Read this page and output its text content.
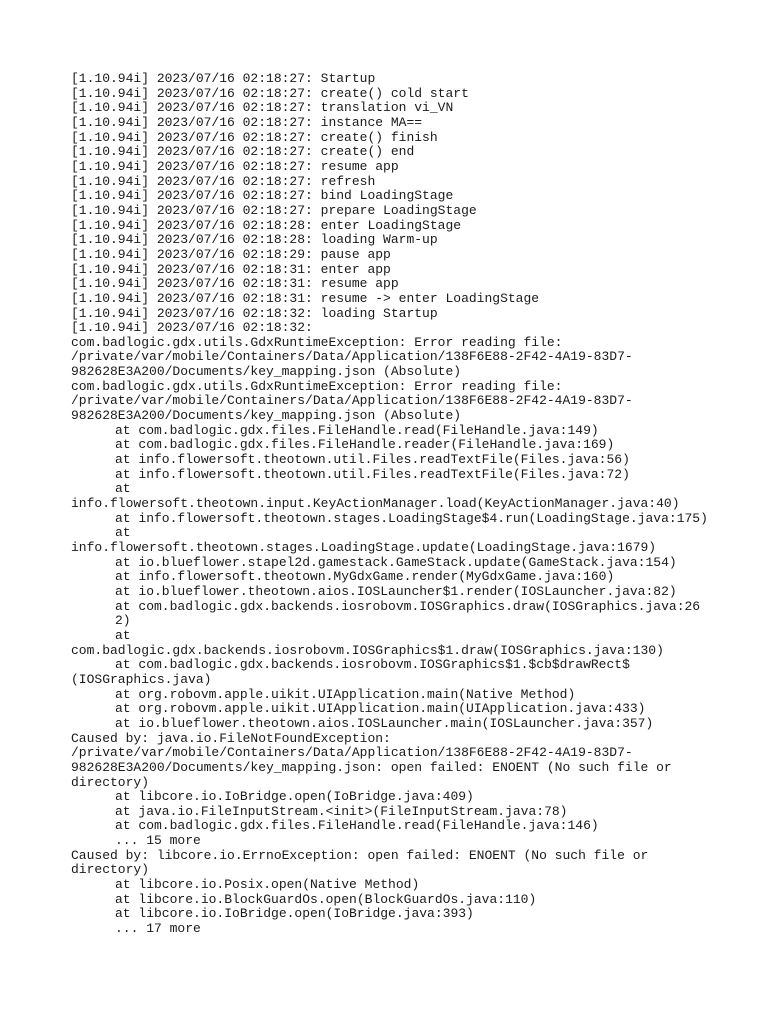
[1.10.94i] 2023/07/16 02:18:27: Startup
[1.10.94i] 2023/07/16 02:18:27: create() cold start
[1.10.94i] 2023/07/16 02:18:27: translation vi_VN
[1.10.94i] 2023/07/16 02:18:27: instance MA==
[1.10.94i] 2023/07/16 02:18:27: create() finish
[1.10.94i] 2023/07/16 02:18:27: create() end
[1.10.94i] 2023/07/16 02:18:27: resume app
[1.10.94i] 2023/07/16 02:18:27: refresh
[1.10.94i] 2023/07/16 02:18:27: bind LoadingStage
[1.10.94i] 2023/07/16 02:18:27: prepare LoadingStage
[1.10.94i] 2023/07/16 02:18:28: enter LoadingStage
[1.10.94i] 2023/07/16 02:18:28: loading Warm-up
[1.10.94i] 2023/07/16 02:18:29: pause app
[1.10.94i] 2023/07/16 02:18:31: enter app
[1.10.94i] 2023/07/16 02:18:31: resume app
[1.10.94i] 2023/07/16 02:18:31: resume -> enter LoadingStage
[1.10.94i] 2023/07/16 02:18:32: loading Startup
[1.10.94i] 2023/07/16 02:18:32:
com.badlogic.gdx.utils.GdxRuntimeException: Error reading file:
/private/var/mobile/Containers/Data/Application/138F6E88-2F42-4A19-83D7-
982628E3A200/Documents/key_mapping.json (Absolute)
com.badlogic.gdx.utils.GdxRuntimeException: Error reading file:
/private/var/mobile/Containers/Data/Application/138F6E88-2F42-4A19-83D7-
982628E3A200/Documents/key_mapping.json (Absolute)
at com.badlogic.gdx.files.FileHandle.read(FileHandle.java:149)
at com.badlogic.gdx.files.FileHandle.reader(FileHandle.java:169)
at info.flowersoft.theotown.util.Files.readTextFile(Files.java:56)
at info.flowersoft.theotown.util.Files.readTextFile(Files.java:72)
at
info.flowersoft.theotown.input.KeyActionManager.load(KeyActionManager.java:40)
at info.flowersoft.theotown.stages.LoadingStage$4.run(LoadingStage.java:175)
at
info.flowersoft.theotown.stages.LoadingStage.update(LoadingStage.java:1679)
at io.blueflower.stapel2d.gamestack.GameStack.update(GameStack.java:154)
at info.flowersoft.theotown.MyGdxGame.render(MyGdxGame.java:160)
at io.blueflower.theotown.aios.IOSLauncher$1.render(IOSLauncher.java:82)
at com.badlogic.gdx.backends.iosrobovm.IOSGraphics.draw(IOSGraphics.java:262)
at
com.badlogic.gdx.backends.iosrobovm.IOSGraphics$1.draw(IOSGraphics.java:130)
at com.badlogic.gdx.backends.iosrobovm.IOSGraphics$1.$cb$drawRect$
(IOSGraphics.java)
at org.robovm.apple.uikit.UIApplication.main(Native Method)
at org.robovm.apple.uikit.UIApplication.main(UIApplication.java:433)
at io.blueflower.theotown.aios.IOSLauncher.main(IOSLauncher.java:357)
Caused by: java.io.FileNotFoundException:
/private/var/mobile/Containers/Data/Application/138F6E88-2F42-4A19-83D7-
982628E3A200/Documents/key_mapping.json: open failed: ENOENT (No such file or
directory)
at libcore.io.IoBridge.open(IoBridge.java:409)
at java.io.FileInputStream.<init>(FileInputStream.java:78)
at com.badlogic.gdx.files.FileHandle.read(FileHandle.java:146)
... 15 more
Caused by: libcore.io.ErrnoException: open failed: ENOENT (No such file or
directory)
at libcore.io.Posix.open(Native Method)
at libcore.io.BlockGuardOs.open(BlockGuardOs.java:110)
at libcore.io.IoBridge.open(IoBridge.java:393)
... 17 more
